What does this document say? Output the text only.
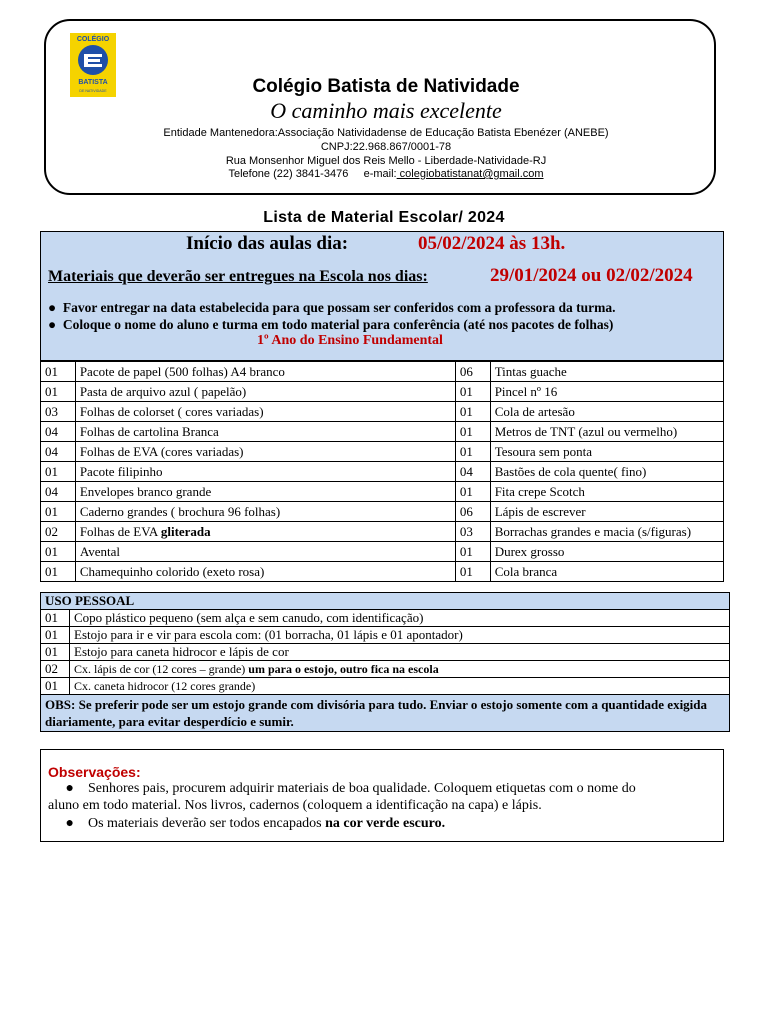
COLÉGIO
BATISTA
DE NATIVIDADE	Colégio Batista de Natividade
O caminho mais excelente
Entidade Mantenedora:Associação Natividadense de Educação Batista Ebenézer (ANEBE)
CNPJ:22.968.867/0001-78
Rua Monsenhor Miguel dos Reis Mello - Liberdade-Natividade-RJ
Telefone (22) 3841-3476 e-mail: colegiobatistanat@gmail.com
Lista de Material Escolar/ 2024
Início das aulas dia:	05/02/2024 às 13h.
Materiais que deverão ser entregues na Escola nos dias:	29/01/2024 ou 02/02/2024
● Favor entregar na data estabelecida para que possam ser conferidos com a professora da turma.
● Coloque o nome do aluno e turma em todo material para conferência (até nos pacotes de folhas)
1º Ano do Ensino Fundamental
01	Pacote de papel (500 folhas) A4 branco	06	Tintas guache
01	Pasta de arquivo azul ( papelão)	01	Pincel nº 16
03	Folhas de colorset ( cores variadas)	01	Cola de artesão
04	Folhas de cartolina Branca	01	Metros de TNT (azul ou vermelho)
04	Folhas de EVA (cores variadas)	01	Tesoura sem ponta
01	Pacote filipinho	04	Bastões de cola quente( fino)
04	Envelopes branco grande	01	Fita crepe Scotch
01	Caderno grandes ( brochura 96 folhas)	06	Lápis de escrever
02	Folhas de EVA gliterada	03	Borrachas grandes e macia (s/figuras)
01	Avental	01	Durex grosso
01	Chamequinho colorido (exeto rosa)	01	Cola branca
USO PESSOAL	
01	Copo plástico pequeno (sem alça e sem canudo, com identificação)
01	Estojo para ir e vir para escola com: (01 borracha, 01 lápis e 01 apontador)
01	Estojo para caneta hidrocor e lápis de cor
02	Cx. lápis de cor (12 cores – grande) um para o estojo, outro fica na escola
01	Cx. caneta hidrocor (12 cores grande)
OBS: Se preferir pode ser um estojo grande com divisória para tudo. Enviar o estojo somente com a quantidade exigida diariamente, para evitar desperdício e sumir.	
Observações:
● Senhores pais, procurem adquirir materiais de boa qualidade. Coloquem etiquetas com o nome do
aluno em todo material. Nos livros, cadernos (coloquem a identificação na capa) e lápis.
● Os materiais deverão ser todos encapados na cor verde escuro.
